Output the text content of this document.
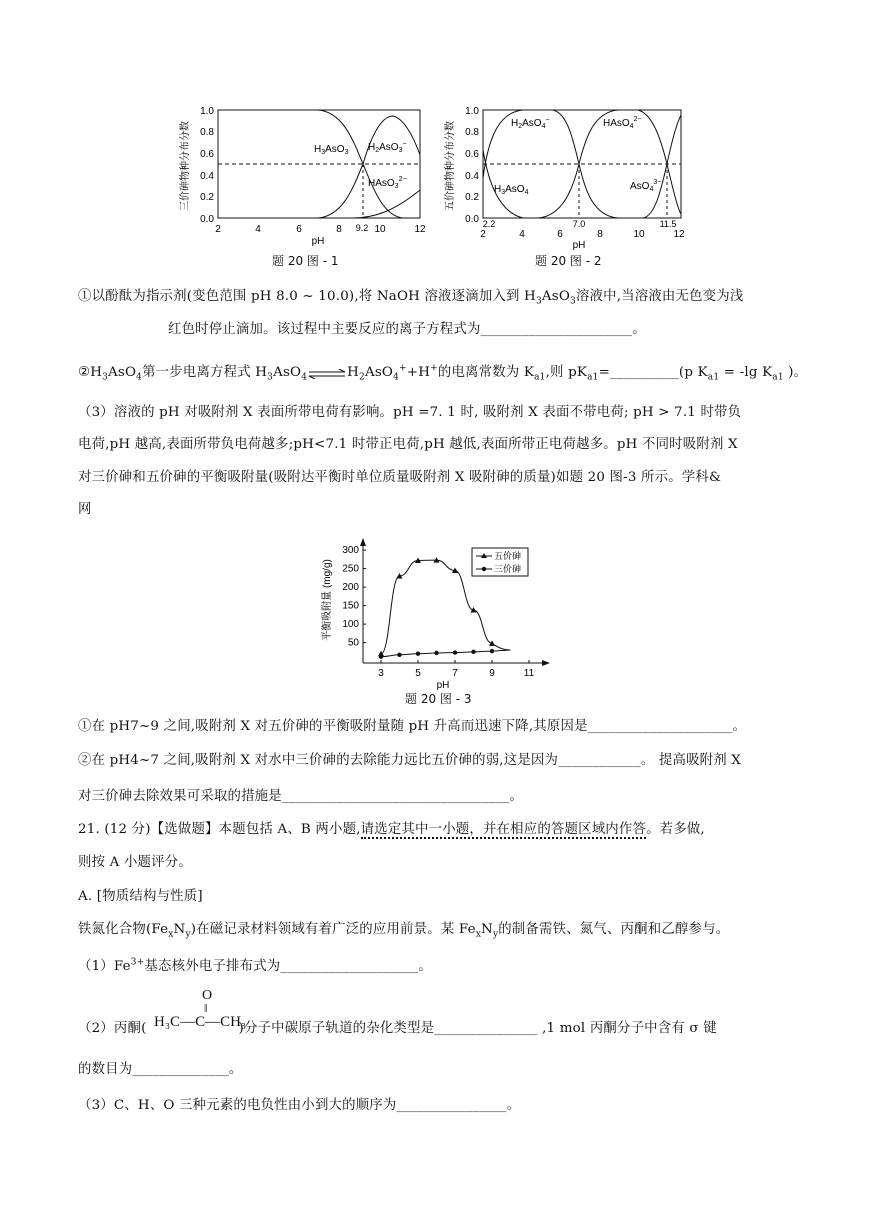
三价砷物种分布分数
0.0
0.2
0.4
0.6
0.8
1.0
2	4	6	8	10	12
9.2
pH
$H_3AsO_3$ $H_2AsO_3^-$
HAsO$_3^{2-}$
题 20 图 - 1
五价砷物种分布分数
0.0
0.2
0.4
0.6
0.8
1.0
2.2
2	4	6
7.0
8	10
11.5
12
pH
$H_2AsO_4^-$	HAsO$_4^{2-}$
$H_3AsO_4$
AsO$_4^{3-}$
题 20 图 - 2
①以酚酞为指示剂(变色范围 pH 8.0 ~ 10.0),将 NaOH 溶液逐滴加入到 $H_3AsO_3$溶液中,当溶液由无色变为浅
红色时停止滴加。该过程中主要反应的离子方程式为______________________。
$②H_3AsO_4$第一步电离方程式 $H_3AsO_4$ $\rightleftharpoons H_2AsO_4^++H^+$的电离常数为 $K_{a1}$,则 $pK_{a1}=\_\_\_\_\_\_\_\_\_\_(p$ $K_{a1} = -\lg$ $K_{a1}$ )。
（3）溶液的 pH 对吸附剂 X 表面所带电荷有影响。pH =7. 1 时, 吸附剂 X 表面不带电荷; pH > 7.1 时带负
电荷,pH 越高,表面所带负电荷越多;pH<7.1 时带正电荷,pH 越低,表面所带正电荷越多。pH 不同时吸附剂 X
对三价砷和五价砷的平衡吸附量(吸附达平衡时单位质量吸附剂 X 吸附砷的质量)如题 20 图-3 所示。学科&
网
平衡吸附量 (mg/g)
3	5	7	9	11
50
100
150
200
250
300
pH
五价砷
三价砷
题 20 图 - 3
①在 pH7~9 之间,吸附剂 X 对五价砷的平衡吸附量随 pH 升高而迅速下降,其原因是_____________________。
②在 pH4~7 之间,吸附剂 X 对水中三价砷的去除能力远比五价砷的弱,这是因为____________。 提高吸附剂 X
对三价砷去除效果可采取的措施是_________________________________。
21. (12 分)【选做题】本题包括 A、B 两小题,请选定其中一小题，并在相应的答题区域内作答。若多做,
则按 A 小题评分。
A. [物质结构与性质]
铁氮化合物$(Fe_xN_y)$在磁记录材料领域有着广泛的应用前景。某 $Fe_xN_y$的制备需铁、氮气、丙酮和乙醇参与。
$(1)Fe^{3+}$基态核外电子排布式为____________________。
O
‖
H₃C—C—CH₃
（2）丙酮(	)分子中碳原子轨道的杂化类型是_______________ ,1 mol 丙酮分子中含有 σ 键
的数目为______________。
（3）C、H、O 三种元素的电负性由小到大的顺序为________________。
